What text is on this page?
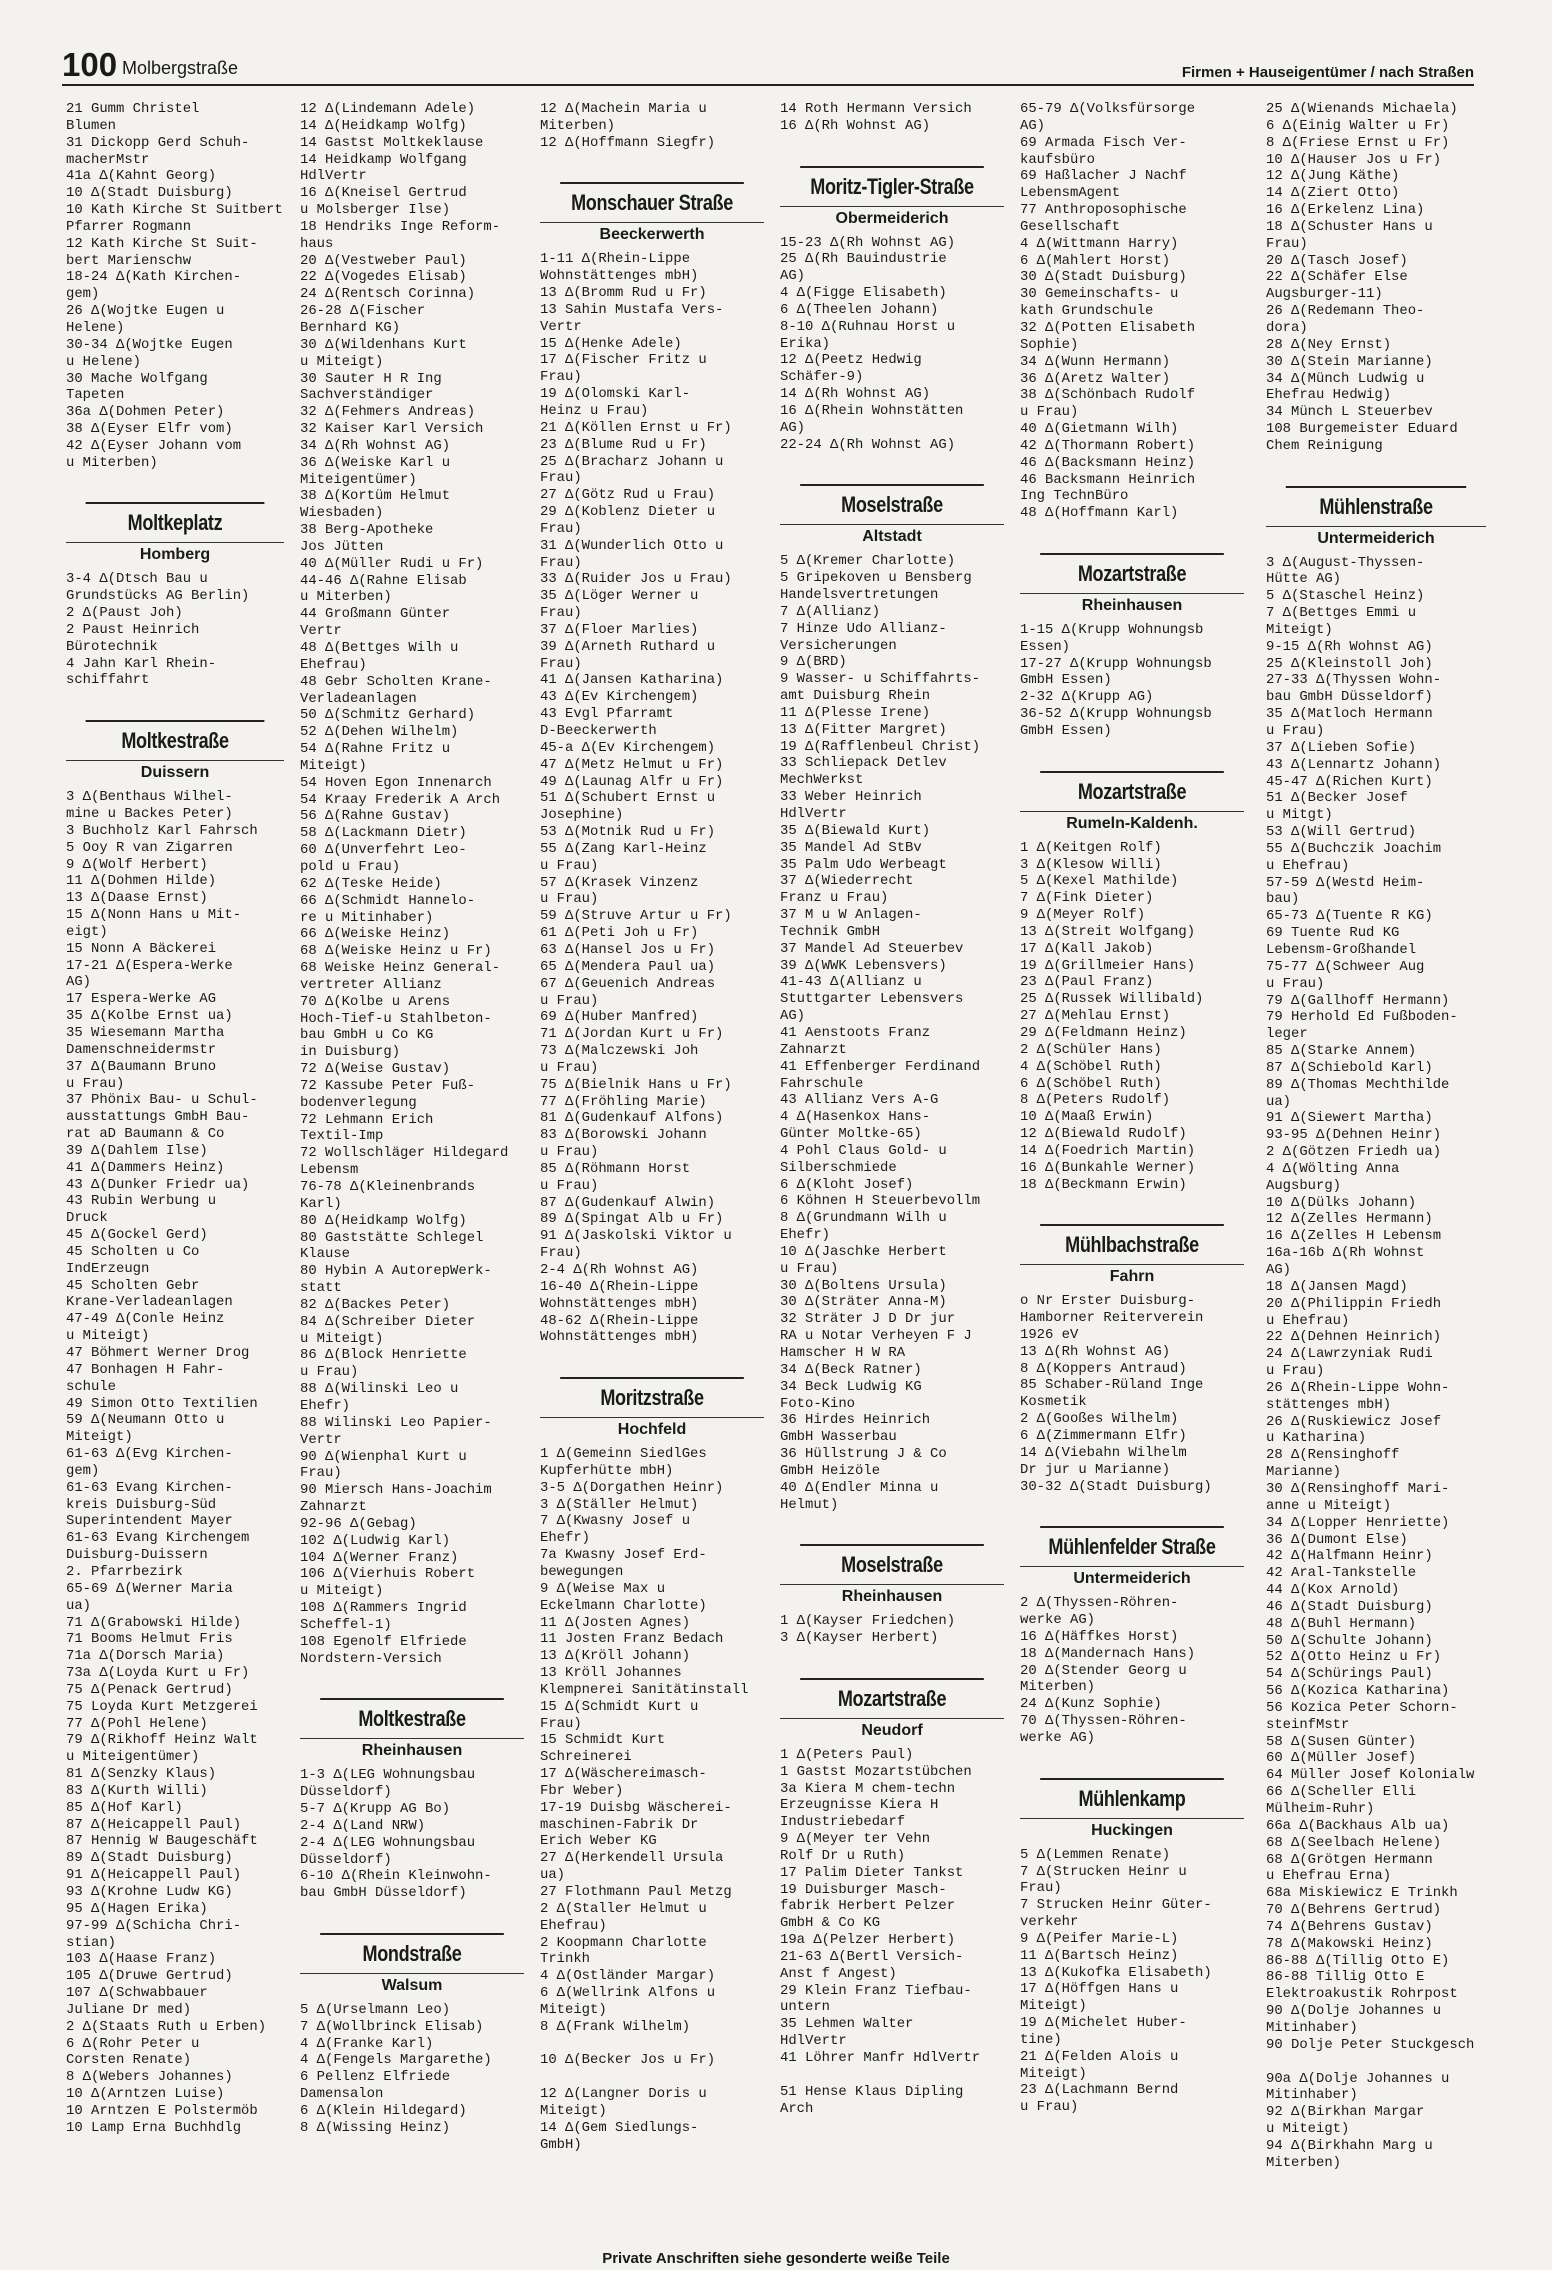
100 Molbergstraße	Firmen + Hauseigentümer / nach Straßen
21 Gumm Christel
Blumen
31 Dickopp Gerd Schuh-
macherMstr
41a Δ(Kahnt Georg)
10 Δ(Stadt Duisburg)
10 Kath Kirche St Suitbert
Pfarrer Rogmann
12 Kath Kirche St Suit-
bert Marienschw
18-24 Δ(Kath Kirchen-
gem)
26 Δ(Wojtke Eugen u
Helene)
30-34 Δ(Wojtke Eugen
u Helene)
30 Mache Wolfgang
Tapeten
36a Δ(Dohmen Peter)
38 Δ(Eyser Elfr vom)
42 Δ(Eyser Johann vom
u Miterben)
Moltkeplatz
Homberg
3-4 Δ(Dtsch Bau u
Grundstücks AG Berlin)
2 Δ(Paust Joh)
2 Paust Heinrich
Bürotechnik
4 Jahn Karl Rhein-
schiffahrt
Moltkestraße
Duissern
3 Δ(Benthaus Wilhel-
mine u Backes Peter)
3 Buchholz Karl Fahrsch
5 Ooy R van Zigarren
9 Δ(Wolf Herbert)
11 Δ(Dohmen Hilde)
13 Δ(Daase Ernst)
15 Δ(Nonn Hans u Mit-
eigt)
15 Nonn A Bäckerei
17-21 Δ(Espera-Werke
AG)
17 Espera-Werke AG
35 Δ(Kolbe Ernst ua)
35 Wiesemann Martha
Damenschneidermstr
37 Δ(Baumann Bruno
u Frau)
37 Phönix Bau- u Schul-
ausstattungs GmbH Bau-
rat aD Baumann & Co
39 Δ(Dahlem Ilse)
41 Δ(Dammers Heinz)
43 Δ(Dunker Friedr ua)
43 Rubin Werbung u
Druck
45 Δ(Gockel Gerd)
45 Scholten u Co
IndErzeugn
45 Scholten Gebr
Krane-Verladeanlagen
47-49 Δ(Conle Heinz
u Miteigt)
47 Böhmert Werner Drog
47 Bonhagen H Fahr-
schule
49 Simon Otto Textilien
59 Δ(Neumann Otto u
Miteigt)
61-63 Δ(Evg Kirchen-
gem)
61-63 Evang Kirchen-
kreis Duisburg-Süd
Superintendent Mayer
61-63 Evang Kirchengem
Duisburg-Duissern
2. Pfarrbezirk
65-69 Δ(Werner Maria
ua)
71 Δ(Grabowski Hilde)
71 Booms Helmut Fris
71a Δ(Dorsch Maria)
73a Δ(Loyda Kurt u Fr)
75 Δ(Penack Gertrud)
75 Loyda Kurt Metzgerei
77 Δ(Pohl Helene)
79 Δ(Rikhoff Heinz Walt
u Miteigentümer)
81 Δ(Senzky Klaus)
83 Δ(Kurth Willi)
85 Δ(Hof Karl)
87 Δ(Heicappell Paul)
87 Hennig W Baugeschäft
89 Δ(Stadt Duisburg)
91 Δ(Heicappell Paul)
93 Δ(Krohne Ludw KG)
95 Δ(Hagen Erika)
97-99 Δ(Schicha Chri-
stian)
103 Δ(Haase Franz)
105 Δ(Druwe Gertrud)
107 Δ(Schwabbauer
Juliane Dr med)
2 Δ(Staats Ruth u Erben)
6 Δ(Rohr Peter u
Corsten Renate)
8 Δ(Webers Johannes)
10 Δ(Arntzen Luise)
10 Arntzen E Polstermöb
10 Lamp Erna Buchhdlg
12 Δ(Lindemann Adele)
14 Δ(Heidkamp Wolfg)
14 Gastst Moltkeklause
14 Heidkamp Wolfgang
HdlVertr
16 Δ(Kneisel Gertrud
u Molsberger Ilse)
18 Hendriks Inge Reform-
haus
20 Δ(Vestweber Paul)
22 Δ(Vogedes Elisab)
24 Δ(Rentsch Corinna)
26-28 Δ(Fischer
Bernhard KG)
30 Δ(Wildenhans Kurt
u Miteigt)
30 Sauter H R Ing
Sachverständiger
32 Δ(Fehmers Andreas)
32 Kaiser Karl Versich
34 Δ(Rh Wohnst AG)
36 Δ(Weiske Karl u
Miteigentümer)
38 Δ(Kortüm Helmut
Wiesbaden)
38 Berg-Apotheke
Jos Jütten
40 Δ(Müller Rudi u Fr)
44-46 Δ(Rahne Elisab
u Miterben)
44 Großmann Günter
Vertr
48 Δ(Bettges Wilh u
Ehefrau)
48 Gebr Scholten Krane-
Verladeanlagen
50 Δ(Schmitz Gerhard)
52 Δ(Dehen Wilhelm)
54 Δ(Rahne Fritz u
Miteigt)
54 Hoven Egon Innenarch
54 Kraay Frederik A Arch
56 Δ(Rahne Gustav)
58 Δ(Lackmann Dietr)
60 Δ(Unverfehrt Leo-
pold u Frau)
62 Δ(Teske Heide)
66 Δ(Schmidt Hannelo-
re u Mitinhaber)
66 Δ(Weiske Heinz)
68 Δ(Weiske Heinz u Fr)
68 Weiske Heinz General-
vertreter Allianz
70 Δ(Kolbe u Arens
Hoch-Tief-u Stahlbeton-
bau GmbH u Co KG
in Duisburg)
72 Δ(Weise Gustav)
72 Kassube Peter Fuß-
bodenverlegung
72 Lehmann Erich
Textil-Imp
72 Wollschläger Hildegard
Lebensm
76-78 Δ(Kleinenbrands
Karl)
80 Δ(Heidkamp Wolfg)
80 Gaststätte Schlegel
Klause
80 Hybin A AutorepWerk-
statt
82 Δ(Backes Peter)
84 Δ(Schreiber Dieter
u Miteigt)
86 Δ(Block Henriette
u Frau)
88 Δ(Wilinski Leo u
Ehefr)
88 Wilinski Leo Papier-
Vertr
90 Δ(Wienphal Kurt u
Frau)
90 Miersch Hans-Joachim
Zahnarzt
92-96 Δ(Gebag)
102 Δ(Ludwig Karl)
104 Δ(Werner Franz)
106 Δ(Vierhuis Robert
u Miteigt)
108 Δ(Rammers Ingrid
Scheffel-1)
108 Egenolf Elfriede
Nordstern-Versich
Moltkestraße
Rheinhausen
1-3 Δ(LEG Wohnungsbau
Düsseldorf)
5-7 Δ(Krupp AG Bo)
2-4 Δ(Land NRW)
2-4 Δ(LEG Wohnungsbau
Düsseldorf)
6-10 Δ(Rhein Kleinwohn-
bau GmbH Düsseldorf)
Mondstraße
Walsum
5 Δ(Urselmann Leo)
7 Δ(Wollbrinck Elisab)
4 Δ(Franke Karl)
4 Δ(Fengels Margarethe)
6 Pellenz Elfriede
Damensalon
6 Δ(Klein Hildegard)
8 Δ(Wissing Heinz)
12 Δ(Machein Maria u
Miterben)
12 Δ(Hoffmann Siegfr)
Monschauer Straße
Beeckerwerth
1-11 Δ(Rhein-Lippe
Wohnstättenges mbH)
13 Δ(Bromm Rud u Fr)
13 Sahin Mustafa Vers-
Vertr
15 Δ(Henke Adele)
17 Δ(Fischer Fritz u
Frau)
19 Δ(Olomski Karl-
Heinz u Frau)
21 Δ(Köllen Ernst u Fr)
23 Δ(Blume Rud u Fr)
25 Δ(Bracharz Johann u
Frau)
27 Δ(Götz Rud u Frau)
29 Δ(Koblenz Dieter u
Frau)
31 Δ(Wunderlich Otto u
Frau)
33 Δ(Ruider Jos u Frau)
35 Δ(Löger Werner u
Frau)
37 Δ(Floer Marlies)
39 Δ(Arneth Ruthard u
Frau)
41 Δ(Jansen Katharina)
43 Δ(Ev Kirchengem)
43 Evgl Pfarramt
D-Beeckerwerth
45-a Δ(Ev Kirchengem)
47 Δ(Metz Helmut u Fr)
49 Δ(Launag Alfr u Fr)
51 Δ(Schubert Ernst u
Josephine)
53 Δ(Motnik Rud u Fr)
55 Δ(Zang Karl-Heinz
u Frau)
57 Δ(Krasek Vinzenz
u Frau)
59 Δ(Struve Artur u Fr)
61 Δ(Peti Joh u Fr)
63 Δ(Hansel Jos u Fr)
65 Δ(Mendera Paul ua)
67 Δ(Geuenich Andreas
u Frau)
69 Δ(Huber Manfred)
71 Δ(Jordan Kurt u Fr)
73 Δ(Malczewski Joh
u Frau)
75 Δ(Bielnik Hans u Fr)
77 Δ(Fröhling Marie)
81 Δ(Gudenkauf Alfons)
83 Δ(Borowski Johann
u Frau)
85 Δ(Röhmann Horst
u Frau)
87 Δ(Gudenkauf Alwin)
89 Δ(Spingat Alb u Fr)
91 Δ(Jaskolski Viktor u
Frau)
2-4 Δ(Rh Wohnst AG)
16-40 Δ(Rhein-Lippe
Wohnstättenges mbH)
48-62 Δ(Rhein-Lippe
Wohnstättenges mbH)
Moritzstraße
Hochfeld
1 Δ(Gemeinn SiedlGes
Kupferhütte mbH)
3-5 Δ(Dorgathen Heinr)
3 Δ(Ställer Helmut)
7 Δ(Kwasny Josef u
Ehefr)
7a Kwasny Josef Erd-
bewegungen
9 Δ(Weise Max u
Eckelmann Charlotte)
11 Δ(Josten Agnes)
11 Josten Franz Bedach
13 Δ(Kröll Johann)
13 Kröll Johannes
Klempnerei Sanitätinstall
15 Δ(Schmidt Kurt u
Frau)
15 Schmidt Kurt
Schreinerei
17 Δ(Wäschereimasch-
Fbr Weber)
17-19 Duisbg Wäscherei-
maschinen-Fabrik Dr
Erich Weber KG
27 Δ(Herkendell Ursula
ua)
27 Flothmann Paul Metzg
2 Δ(Staller Helmut u
Ehefrau)
2 Koopmann Charlotte
Trinkh
4 Δ(Ostländer Margar)
6 Δ(Wellrink Alfons u
Miteigt)
8 Δ(Frank Wilhelm)
10 Δ(Becker Jos u Fr)
12 Δ(Langner Doris u
Miteigt)
14 Δ(Gem Siedlungs-
GmbH)
14 Roth Hermann Versich
16 Δ(Rh Wohnst AG)
Moritz-Tigler-Straße
Obermeiderich
15-23 Δ(Rh Wohnst AG)
25 Δ(Rh Bauindustrie
AG)
4 Δ(Figge Elisabeth)
6 Δ(Theelen Johann)
8-10 Δ(Ruhnau Horst u
Erika)
12 Δ(Peetz Hedwig
Schäfer-9)
14 Δ(Rh Wohnst AG)
16 Δ(Rhein Wohnstätten
AG)
22-24 Δ(Rh Wohnst AG)
Moselstraße
Altstadt
5 Δ(Kremer Charlotte)
5 Gripekoven u Bensberg
Handelsvertretungen
7 Δ(Allianz)
7 Hinze Udo Allianz-
Versicherungen
9 Δ(BRD)
9 Wasser- u Schiffahrts-
amt Duisburg Rhein
11 Δ(Plesse Irene)
13 Δ(Fitter Margret)
19 Δ(Rafflenbeul Christ)
33 Schliepack Detlev
MechWerkst
33 Weber Heinrich
HdlVertr
35 Δ(Biewald Kurt)
35 Mandel Ad StBv
35 Palm Udo Werbeagt
37 Δ(Wiederrecht
Franz u Frau)
37 M u W Anlagen-
Technik GmbH
37 Mandel Ad Steuerbev
39 Δ(WWK Lebensvers)
41-43 Δ(Allianz u
Stuttgarter Lebensvers
AG)
41 Aenstoots Franz
Zahnarzt
41 Effenberger Ferdinand
Fahrschule
43 Allianz Vers A-G
4 Δ(Hasenkox Hans-
Günter Moltke-65)
4 Pohl Claus Gold- u
Silberschmiede
6 Δ(Kloht Josef)
6 Köhnen H Steuerbevollm
8 Δ(Grundmann Wilh u
Ehefr)
10 Δ(Jaschke Herbert
u Frau)
30 Δ(Boltens Ursula)
30 Δ(Sträter Anna-M)
32 Sträter J D Dr jur
RA u Notar Verheyen F J
Hamscher H W RA
34 Δ(Beck Ratner)
34 Beck Ludwig KG
Foto-Kino
36 Hirdes Heinrich
GmbH Wasserbau
36 Hüllstrung J & Co
GmbH Heizöle
40 Δ(Endler Minna u
Helmut)
Moselstraße
Rheinhausen
1 Δ(Kayser Friedchen)
3 Δ(Kayser Herbert)
Mozartstraße
Neudorf
1 Δ(Peters Paul)
1 Gastst Mozartstübchen
3a Kiera M chem-techn
Erzeugnisse Kiera H
Industriebedarf
9 Δ(Meyer ter Vehn
Rolf Dr u Ruth)
17 Palim Dieter Tankst
19 Duisburger Masch-
fabrik Herbert Pelzer
GmbH & Co KG
19a Δ(Pelzer Herbert)
21-63 Δ(Bertl Versich-
Anst f Angest)
29 Klein Franz Tiefbau-
untern
35 Lehmen Walter
HdlVertr
41 Löhrer Manfr HdlVertr
51 Hense Klaus Dipling
Arch
65-79 Δ(Volksfürsorge
AG)
69 Armada Fisch Ver-
kaufsbüro
69 Haßlacher J Nachf
LebensmAgent
77 Anthroposophische
Gesellschaft
4 Δ(Wittmann Harry)
6 Δ(Mahlert Horst)
30 Δ(Stadt Duisburg)
30 Gemeinschafts- u
kath Grundschule
32 Δ(Potten Elisabeth
Sophie)
34 Δ(Wunn Hermann)
36 Δ(Aretz Walter)
38 Δ(Schönbach Rudolf
u Frau)
40 Δ(Gietmann Wilh)
42 Δ(Thormann Robert)
46 Δ(Backsmann Heinz)
46 Backsmann Heinrich
Ing TechnBüro
48 Δ(Hoffmann Karl)
Mozartstraße
Rheinhausen
1-15 Δ(Krupp Wohnungsb
Essen)
17-27 Δ(Krupp Wohnungsb
GmbH Essen)
2-32 Δ(Krupp AG)
36-52 Δ(Krupp Wohnungsb
GmbH Essen)
Mozartstraße
Rumeln-Kaldenh.
1 Δ(Keitgen Rolf)
3 Δ(Klesow Willi)
5 Δ(Kexel Mathilde)
7 Δ(Fink Dieter)
9 Δ(Meyer Rolf)
13 Δ(Streit Wolfgang)
17 Δ(Kall Jakob)
19 Δ(Grillmeier Hans)
23 Δ(Paul Franz)
25 Δ(Russek Willibald)
27 Δ(Mehlau Ernst)
29 Δ(Feldmann Heinz)
2 Δ(Schüler Hans)
4 Δ(Schöbel Ruth)
6 Δ(Schöbel Ruth)
8 Δ(Peters Rudolf)
10 Δ(Maaß Erwin)
12 Δ(Biewald Rudolf)
14 Δ(Foedrich Martin)
16 Δ(Bunkahle Werner)
18 Δ(Beckmann Erwin)
Mühlbachstraße
Fahrn
o Nr Erster Duisburg-
Hamborner Reiterverein
1926 eV
13 Δ(Rh Wohnst AG)
8 Δ(Koppers Antraud)
85 Schaber-Rüland Inge
Kosmetik
2 Δ(Gooßes Wilhelm)
6 Δ(Zimmermann Elfr)
14 Δ(Viebahn Wilhelm
Dr jur u Marianne)
30-32 Δ(Stadt Duisburg)
Mühlenfelder Straße
Untermeiderich
2 Δ(Thyssen-Röhren-
werke AG)
16 Δ(Häffkes Horst)
18 Δ(Mandernach Hans)
20 Δ(Stender Georg u
Miterben)
24 Δ(Kunz Sophie)
70 Δ(Thyssen-Röhren-
werke AG)
Mühlenkamp
Huckingen
5 Δ(Lemmen Renate)
7 Δ(Strucken Heinr u
Frau)
7 Strucken Heinr Güter-
verkehr
9 Δ(Peifer Marie-L)
11 Δ(Bartsch Heinz)
13 Δ(Kukofka Elisabeth)
17 Δ(Höffgen Hans u
Miteigt)
19 Δ(Michelet Huber-
tine)
21 Δ(Felden Alois u
Miteigt)
23 Δ(Lachmann Bernd
u Frau)
25 Δ(Wienands Michaela)
6 Δ(Einig Walter u Fr)
8 Δ(Friese Ernst u Fr)
10 Δ(Hauser Jos u Fr)
12 Δ(Jung Käthe)
14 Δ(Ziert Otto)
16 Δ(Erkelenz Lina)
18 Δ(Schuster Hans u
Frau)
20 Δ(Tasch Josef)
22 Δ(Schäfer Else
Augsburger-11)
26 Δ(Redemann Theo-
dora)
28 Δ(Ney Ernst)
30 Δ(Stein Marianne)
34 Δ(Münch Ludwig u
Ehefrau Hedwig)
34 Münch L Steuerbev
108 Burgemeister Eduard
Chem Reinigung
Mühlenstraße
Untermeiderich
3 Δ(August-Thyssen-
Hütte AG)
5 Δ(Staschel Heinz)
7 Δ(Bettges Emmi u
Miteigt)
9-15 Δ(Rh Wohnst AG)
25 Δ(Kleinstoll Joh)
27-33 Δ(Thyssen Wohn-
bau GmbH Düsseldorf)
35 Δ(Matloch Hermann
u Frau)
37 Δ(Lieben Sofie)
43 Δ(Lennartz Johann)
45-47 Δ(Richen Kurt)
51 Δ(Becker Josef
u Mitgt)
53 Δ(Will Gertrud)
55 Δ(Buchczik Joachim
u Ehefrau)
57-59 Δ(Westd Heim-
bau)
65-73 Δ(Tuente R KG)
69 Tuente Rud KG
Lebensm-Großhandel
75-77 Δ(Schweer Aug
u Frau)
79 Δ(Gallhoff Hermann)
79 Herhold Ed Fußboden-
leger
85 Δ(Starke Annem)
87 Δ(Schiebold Karl)
89 Δ(Thomas Mechthilde
ua)
91 Δ(Siewert Martha)
93-95 Δ(Dehnen Heinr)
2 Δ(Götzen Friedh ua)
4 Δ(Wölting Anna
Augsburg)
10 Δ(Dülks Johann)
12 Δ(Zelles Hermann)
16 Δ(Zelles H Lebensm
16a-16b Δ(Rh Wohnst
AG)
18 Δ(Jansen Magd)
20 Δ(Philippin Friedh
u Ehefrau)
22 Δ(Dehnen Heinrich)
24 Δ(Lawrzyniak Rudi
u Frau)
26 Δ(Rhein-Lippe Wohn-
stättenges mbH)
26 Δ(Ruskiewicz Josef
u Katharina)
28 Δ(Rensinghoff
Marianne)
30 Δ(Rensinghoff Mari-
anne u Miteigt)
34 Δ(Lopper Henriette)
36 Δ(Dumont Else)
42 Δ(Halfmann Heinr)
42 Aral-Tankstelle
44 Δ(Kox Arnold)
46 Δ(Stadt Duisburg)
48 Δ(Buhl Hermann)
50 Δ(Schulte Johann)
52 Δ(Otto Heinz u Fr)
54 Δ(Schürings Paul)
56 Δ(Kozica Katharina)
56 Kozica Peter Schorn-
steinfMstr
58 Δ(Susen Günter)
60 Δ(Müller Josef)
64 Müller Josef Kolonialw
66 Δ(Scheller Elli
Mülheim-Ruhr)
66a Δ(Backhaus Alb ua)
68 Δ(Seelbach Helene)
68 Δ(Grötgen Hermann
u Ehefrau Erna)
68a Miskiewicz E Trinkh
70 Δ(Behrens Gertrud)
74 Δ(Behrens Gustav)
78 Δ(Makowski Heinz)
86-88 Δ(Tillig Otto E)
86-88 Tillig Otto E
Elektroakustik Rohrpost
90 Δ(Dolje Johannes u
Mitinhaber)
90 Dolje Peter Stuckgesch
90a Δ(Dolje Johannes u
Mitinhaber)
92 Δ(Birkhan Margar
u Miteigt)
94 Δ(Birkhahn Marg u
Miterben)
Private Anschriften siehe gesonderte weiße Teile
